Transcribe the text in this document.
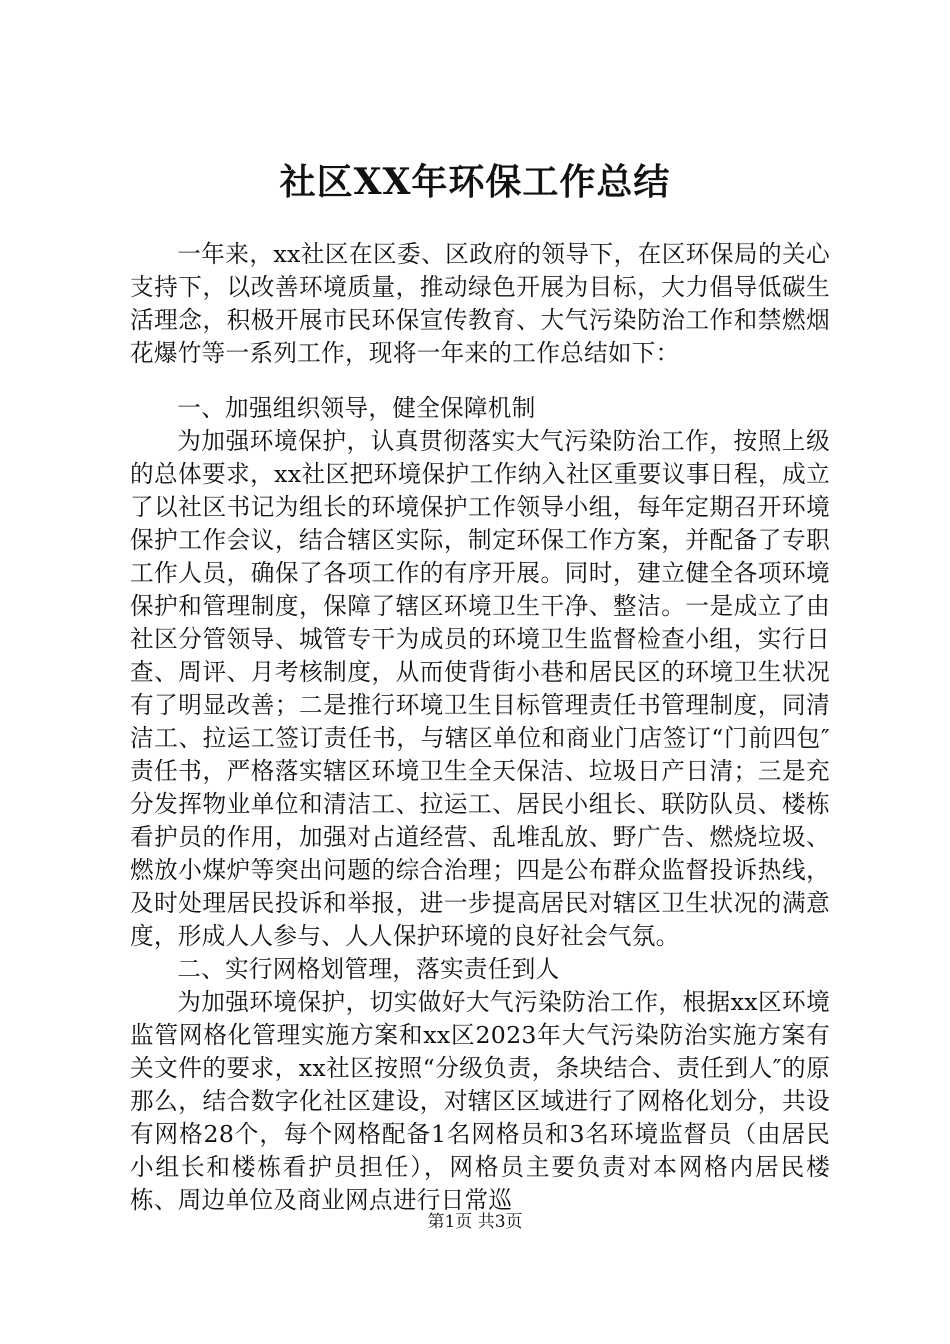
社区XX年环保工作总结

一年来，xx社区在区委、区政府的领导下，在区环保局的关心支持下，以改善环境质量，推动绿色开展为目标，大力倡导低碳生活理念，积极开展市民环保宣传教育、大气污染防治工作和禁燃烟花爆竹等一系列工作，现将一年来的工作总结如下：

一、加强组织领导，健全保障机制

为加强环境保护，认真贯彻落实大气污染防治工作，按照上级的总体要求，xx社区把环境保护工作纳入社区重要议事日程，成立了以社区书记为组长的环境保护工作领导小组，每年定期召开环境保护工作会议，结合辖区实际，制定环保工作方案，并配备了专职工作人员，确保了各项工作的有序开展。同时，建立健全各项环境保护和管理制度，保障了辖区环境卫生干净、整洁。一是成立了由社区分管领导、城管专干为成员的环境卫生监督检查小组，实行日查、周评、月考核制度，从而使背街小巷和居民区的环境卫生状况有了明显改善；二是推行环境卫生目标管理责任书管理制度，同清洁工、拉运工签订责任书，与辖区单位和商业门店签订“门前四包″责任书，严格落实辖区环境卫生全天保洁、垃圾日产日清；三是充分发挥物业单位和清洁工、拉运工、居民小组长、联防队员、楼栋看护员的作用，加强对占道经营、乱堆乱放、野广告、燃烧垃圾、燃放小煤炉等突出问题的综合治理；四是公布群众监督投诉热线，及时处理居民投诉和举报，进一步提高居民对辖区卫生状况的满意度，形成人人参与、人人保护环境的良好社会气氛。

二、实行网格划管理，落实责任到人

为加强环境保护，切实做好大气污染防治工作，根据xx区环境监管网格化管理实施方案和xx区2023年大气污染防治实施方案有关文件的要求，xx社区按照“分级负责，条块结合、责任到人″的原那么，结合数字化社区建设，对辖区区域进行了网格化划分，共设有网格28个，每个网格配备1名网格员和3名环境监督员（由居民小组长和楼栋看护员担任），网格员主要负责对本网格内居民楼栋、周边单位及商业网点进行日常巡

第1页 共3页
